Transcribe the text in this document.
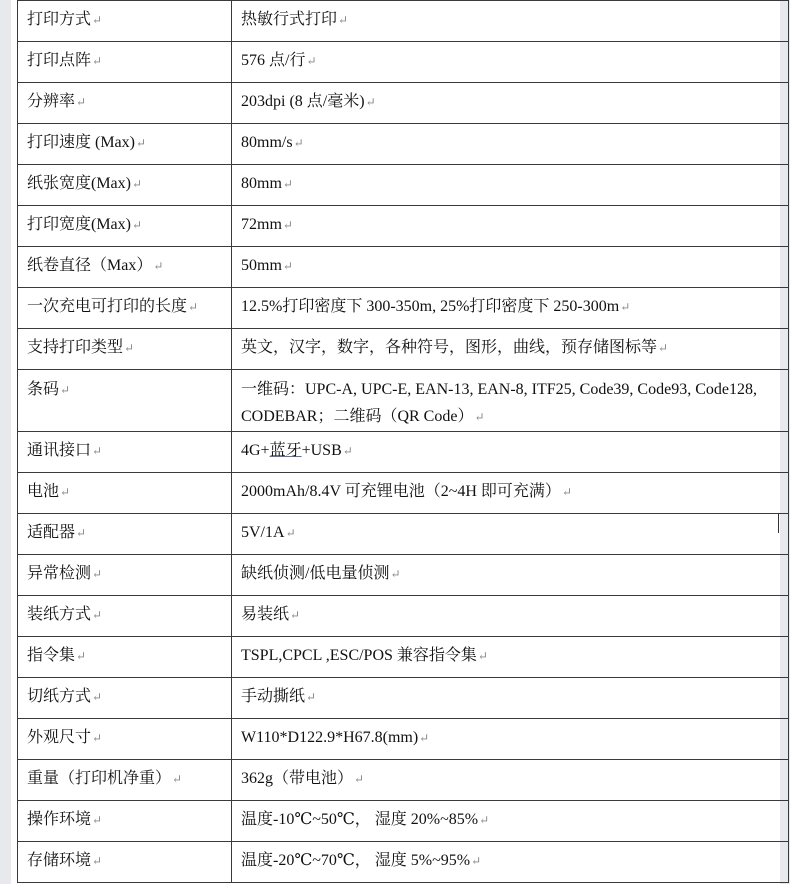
打印方式↵	热敏行式打印↵
打印点阵↵	576 点/行↵
分辨率↵	203dpi (8 点/毫米)↵
打印速度 (Max)↵	80mm/s↵
纸张宽度(Max)↵	80mm↵
打印宽度(Max)↵	72mm↵
纸卷直径（Max）↵	50mm↵
一次充电可打印的长度↵	12.5%打印密度下 300-350m, 25%打印密度下 250-300m↵
支持打印类型↵	英文，汉字，数字，各种符号，图形，曲线，预存储图标等↵
条码↵	一维码：UPC-A, UPC-E, EAN-13, EAN-8, ITF25, Code39, Code93, Code128, CODEBAR；二维码（QR Code）↵
通讯接口↵	4G+蓝牙+USB↵
电池↵	2000mAh/8.4V 可充锂电池（2~4H 即可充满）↵
适配器↵	5V/1A↵
异常检测↵	缺纸侦测/低电量侦测↵
装纸方式↵	易装纸↵
指令集↵	TSPL,CPCL ,ESC/POS 兼容指令集↵
切纸方式↵	手动撕纸↵
外观尺寸↵	W110*D122.9*H67.8(mm)↵
重量（打印机净重）↵	362g（带电池）↵
操作环境↵	温度-10℃~50℃， 湿度 20%~85%↵
存储环境↵	温度-20℃~70℃， 湿度 5%~95%↵
